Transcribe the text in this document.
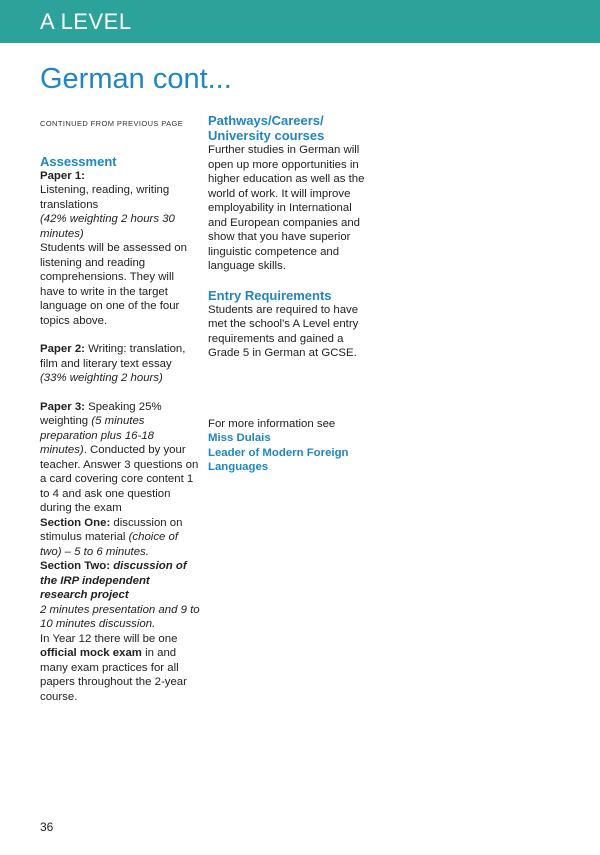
A LEVEL
German cont...
CONTINUED FROM PREVIOUS PAGE
Assessment
Paper 1:
Listening, reading, writing translations
(42% weighting 2 hours 30 minutes)
Students will be assessed on listening and reading comprehensions. They will have to write in the target language on one of the four topics above.
Paper 2: Writing: translation, film and literary text essay
(33% weighting 2 hours)
Paper 3: Speaking 25% weighting (5 minutes preparation plus 16-18 minutes). Conducted by your teacher. Answer 3 questions on a card covering core content 1 to 4 and ask one question during the exam
Section One: discussion on stimulus material (choice of two) – 5 to 6 minutes.
Section Two: discussion of the IRP independent research project
2 minutes presentation and 9 to 10 minutes discussion.
In Year 12 there will be one official mock exam in and many exam practices for all papers throughout the 2-year course.
Pathways/Careers/ University courses
Further studies in German will open up more opportunities in higher education as well as the world of work. It will improve employability in International and European companies and show that you have superior linguistic competence and language skills.
Entry Requirements
Students are required to have met the school's A Level entry requirements and gained a Grade 5 in German at GCSE.
For more information see
Miss Dulais
Leader of Modern Foreign Languages
36
